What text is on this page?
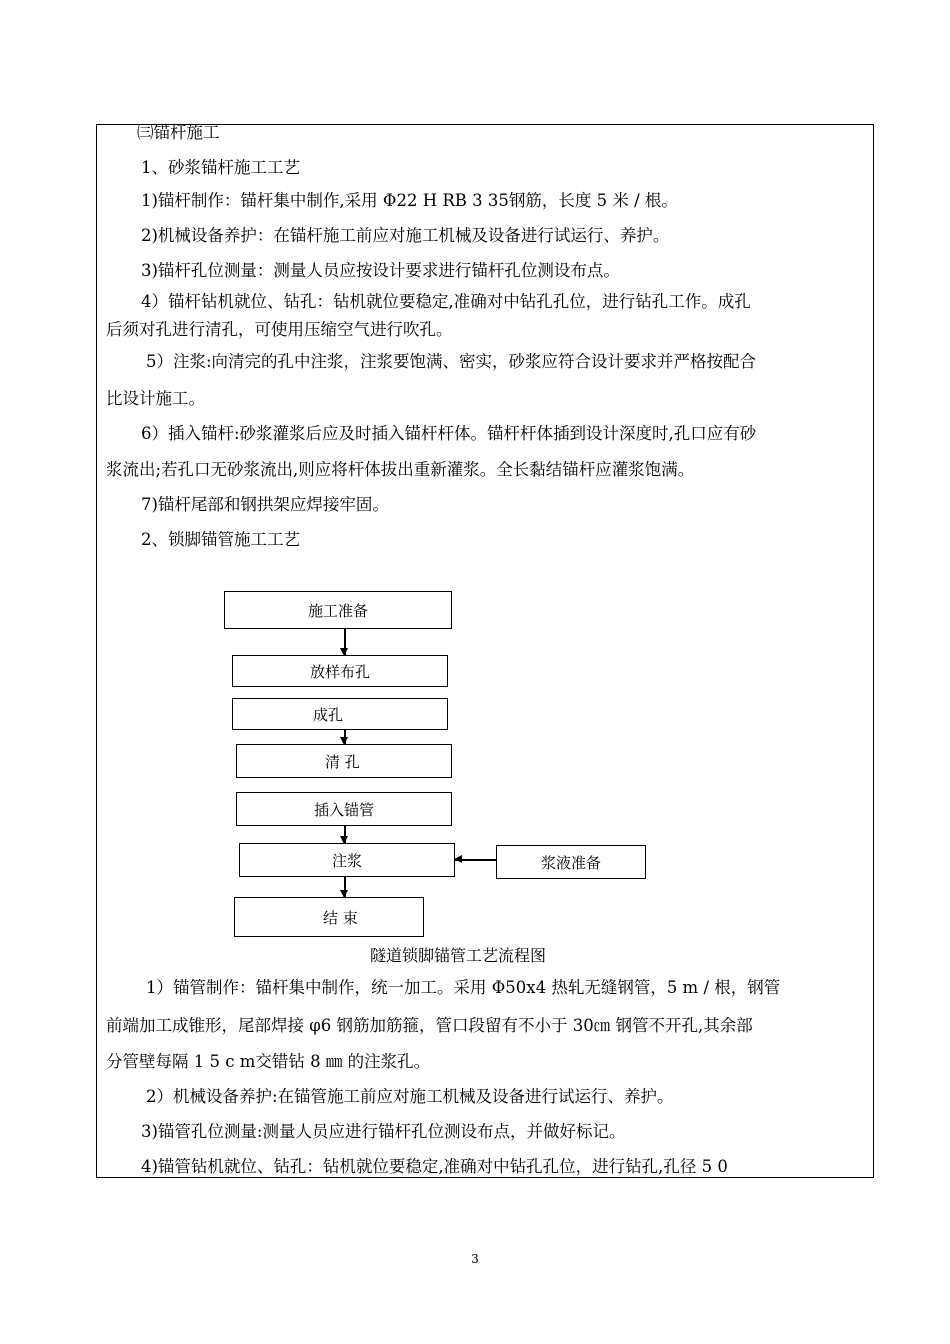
㈢锚杆施工
1、砂浆锚杆施工工艺
1)锚杆制作：锚杆集中制作,采用 Φ22 H RB 3 35钢筋，长度 5 米 / 根。
2)机械设备养护：在锚杆施工前应对施工机械及设备进行试运行、养护。
3)锚杆孔位测量：测量人员应按设计要求进行锚杆孔位测设布点。
4）锚杆钻机就位、钻孔：钻机就位要稳定,准确对中钻孔孔位，进行钻孔工作。成孔
后须对孔进行清孔，可使用压缩空气进行吹孔。
5）注浆:向清完的孔中注浆，注浆要饱满、密实，砂浆应符合设计要求并严格按配合
比设计施工。
6）插入锚杆:砂浆灌浆后应及时插入锚杆杆体。锚杆杆体插到设计深度时,孔口应有砂
浆流出;若孔口无砂浆流出,则应将杆体拔出重新灌浆。全长黏结锚杆应灌浆饱满。
7)锚杆尾部和钢拱架应焊接牢固。
2、锁脚锚管施工工艺
施工准备
放样布孔
成孔
清 孔
插入锚管
注浆	浆液准备
结 束
隧道锁脚锚管工艺流程图
1）锚管制作：锚杆集中制作，统一加工。采用 Φ50x4 热轧无缝钢管，5 m / 根，钢管
前端加工成锥形，尾部焊接 φ6 钢筋加筋箍，管口段留有不小于 30㎝ 钢管不开孔,其余部
分管壁每隔 1 5 c m交错钻 8 ㎜ 的注浆孔。
2）机械设备养护:在锚管施工前应对施工机械及设备进行试运行、养护。
3)锚管孔位测量:测量人员应进行锚杆孔位测设布点，并做好标记。
4)锚管钻机就位、钻孔：钻机就位要稳定,准确对中钻孔孔位，进行钻孔,孔径 5 0
3
